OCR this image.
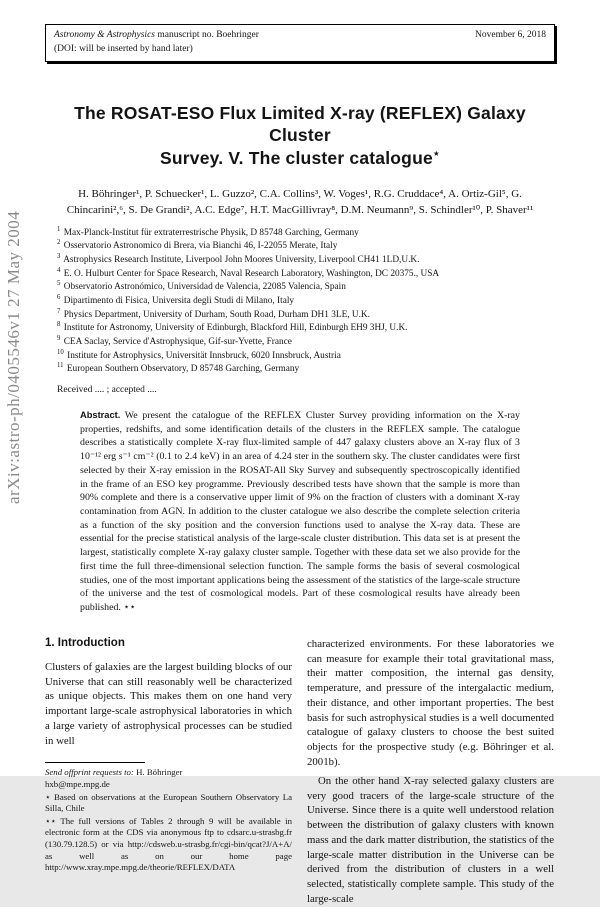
arXiv:astro-ph/0405546v1 27 May 2004
Astronomy & Astrophysics manuscript no. Boehringer	November 6, 2018
(DOI: will be inserted by hand later)
The ROSAT-ESO Flux Limited X-ray (REFLEX) Galaxy Cluster
Survey. V. The cluster catalogue⋆

H. Böhringer¹, P. Schuecker¹, L. Guzzo², C.A. Collins³, W. Voges¹, R.G. Cruddace⁴, A. Ortiz-Gil⁵, G. Chincarini²,⁶, S. De Grandi², A.C. Edge⁷, H.T. MacGillivray⁸, D.M. Neumann⁹, S. Schindler¹⁰, P. Shaver¹¹

$^1$ Max-Planck-Institut für extraterrestrische Physik, D 85748 Garching, Germany
$^2$ Osservatorio Astronomico di Brera, via Bianchi 46, I-22055 Merate, Italy
$^3$ Astrophysics Research Institute, Liverpool John Moores University, Liverpool CH41 1LD,U.K.
$^4$ E. O. Hulburt Center for Space Research, Naval Research Laboratory, Washington, DC 20375., USA
$^5$ Observatorio Astronómico, Universidad de Valencia, 22085 Valencia, Spain
$^6$ Dipartimento di Fisica, Universita degli Studi di Milano, Italy
$^7$ Physics Department, University of Durham, South Road, Durham DH1 3LE, U.K.
$^8$ Institute for Astronomy, University of Edinburgh, Blackford Hill, Edinburgh EH9 3HJ, U.K.
$^9$ CEA Saclay, Service d'Astrophysique, Gif-sur-Yvette, France
$^{10}$ Institute for Astrophysics, Universität Innsbruck, 6020 Innsbruck, Austria
$^{11}$ European Southern Observatory, D 85748 Garching, Germany

Received .... ; accepted ....

Abstract. We present the catalogue of the REFLEX Cluster Survey providing information on the X-ray properties, redshifts, and some identification details of the clusters in the REFLEX sample. The catalogue describes a statistically complete X-ray flux-limited sample of 447 galaxy clusters above an X-ray flux of 3 10⁻¹² erg s⁻¹ cm⁻² (0.1 to 2.4 keV) in an area of 4.24 ster in the southern sky. The cluster candidates were first selected by their X-ray emission in the ROSAT-All Sky Survey and subsequently spectroscopically identified in the frame of an ESO key programme. Previously described tests have shown that the sample is more than 90% complete and there is a conservative upper limit of 9% on the fraction of clusters with a dominant X-ray contamination from AGN. In addition to the cluster catalogue we also describe the complete selection criteria as a function of the sky position and the conversion functions used to analyse the X-ray data. These are essential for the precise statistical analysis of the large-scale cluster distribution. This data set is at present the largest, statistically complete X-ray galaxy cluster sample. Together with these data set we also provide for the first time the full three-dimensional selection function. The sample forms the basis of several cosmological studies, one of the most important applications being the assessment of the statistics of the large-scale structure of the universe and the test of cosmological models. Part of these cosmological results have already been published. ⋆⋆
1. Introduction

Clusters of galaxies are the largest building blocks of our Universe that can still reasonably well be characterized as unique objects. This makes them on one hand very important large-scale astrophysical laboratories in which a large variety of astrophysical processes can be studied in well

Send offprint requests to: H. Böhringer
hxb@mpe.mpg.de

⋆ Based on observations at the European Southern Observatory La Silla, Chile

⋆⋆ The full versions of Tables 2 through 9 will be available in electronic form at the CDS via anonymous ftp to cdsarc.u-strasbg.fr (130.79.128.5) or via http://cdsweb.u-strasbg.fr/cgi-bin/qcat?J/A+A/ as well as on our home page http://www.xray.mpe.mpg.de/theorie/REFLEX/DATA

characterized environments. For these laboratories we can measure for example their total gravitational mass, their matter composition, the internal gas density, temperature, and pressure of the intergalactic medium, their distance, and other important properties. The best basis for such astrophysical studies is a well documented catalogue of galaxy clusters to choose the best suited objects for the prospective study (e.g. Böhringer et al. 2001b).

On the other hand X-ray selected galaxy clusters are very good tracers of the large-scale structure of the Universe. Since there is a quite well understood relation between the distribution of galaxy clusters with known mass and the dark matter distribution, the statistics of the large-scale matter distribution in the Universe can be derived from the distribution of clusters in a well selected, statistically complete sample. This study of the large-scale
